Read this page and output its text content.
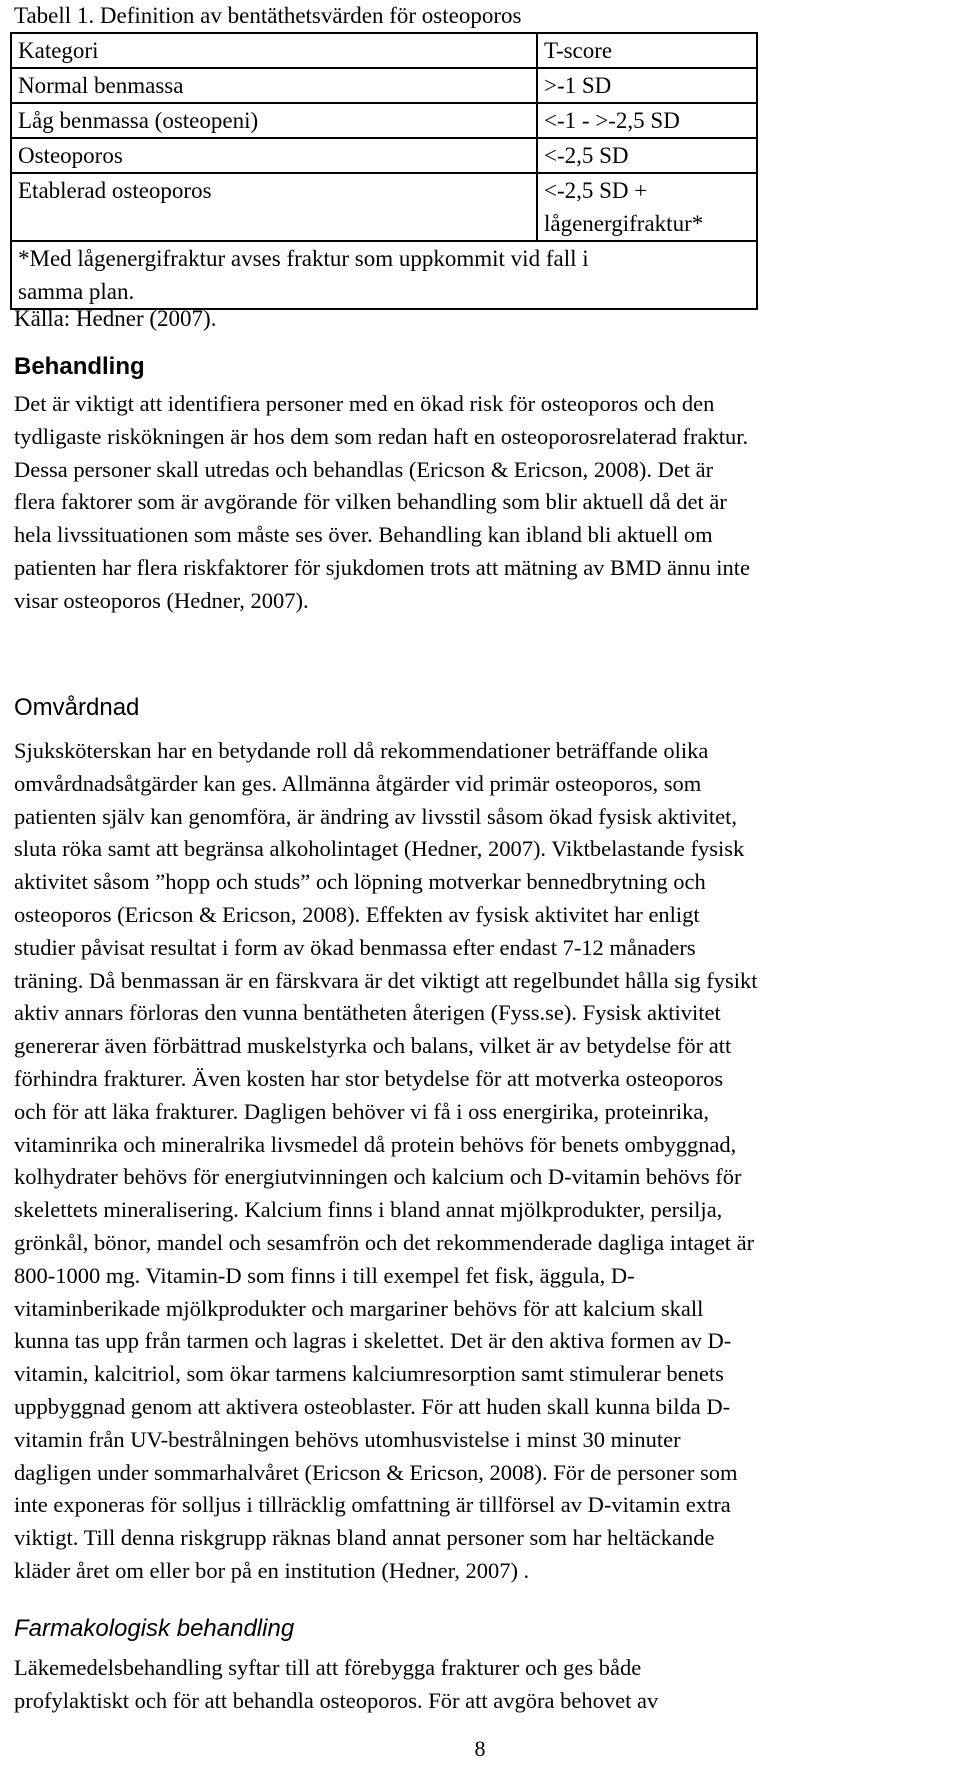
Tabell 1. Definition av bentäthetsvärden för osteoporos
Kategori	T-score
Normal benmassa	>-1 SD
Låg benmassa (osteopeni)	<-1 - >-2,5 SD
Osteoporos	<-2,5 SD
Etablerad osteoporos	<-2,5 SD +
lågenergifraktur*

*Med lågenergifraktur avses fraktur som uppkommit vid fall i
samma plan.	
Källa: Hedner (2007).
Behandling

Det är viktigt att identifiera personer med en ökad risk för osteoporos och den
tydligaste riskökningen är hos dem som redan haft en osteoporosrelaterad fraktur.
Dessa personer skall utredas och behandlas (Ericson & Ericson, 2008). Det är
flera faktorer som är avgörande för vilken behandling som blir aktuell då det är
hela livssituationen som måste ses över. Behandling kan ibland bli aktuell om
patienten har flera riskfaktorer för sjukdomen trots att mätning av BMD ännu inte
visar osteoporos (Hedner, 2007).

Omvårdnad

Sjuksköterskan har en betydande roll då rekommendationer beträffande olika
omvårdnadsåtgärder kan ges. Allmänna åtgärder vid primär osteoporos, som
patienten själv kan genomföra, är ändring av livsstil såsom ökad fysisk aktivitet,
sluta röka samt att begränsa alkoholintaget (Hedner, 2007). Viktbelastande fysisk
aktivitet såsom ”hopp och studs” och löpning motverkar bennedbrytning och
osteoporos (Ericson & Ericson, 2008). Effekten av fysisk aktivitet har enligt
studier påvisat resultat i form av ökad benmassa efter endast 7-12 månaders
träning. Då benmassan är en färskvara är det viktigt att regelbundet hålla sig fysikt
aktiv annars förloras den vunna bentätheten återigen (Fyss.se). Fysisk aktivitet
genererar även förbättrad muskelstyrka och balans, vilket är av betydelse för att
förhindra frakturer. Även kosten har stor betydelse för att motverka osteoporos
och för att läka frakturer. Dagligen behöver vi få i oss energirika, proteinrika,
vitaminrika och mineralrika livsmedel då protein behövs för benets ombyggnad,
kolhydrater behövs för energiutvinningen och kalcium och D-vitamin behövs för
skelettets mineralisering. Kalcium finns i bland annat mjölkprodukter, persilja,
grönkål, bönor, mandel och sesamfrön och det rekommenderade dagliga intaget är
800-1000 mg. Vitamin-D som finns i till exempel fet fisk, äggula, D-
vitaminberikade mjölkprodukter och margariner behövs för att kalcium skall
kunna tas upp från tarmen och lagras i skelettet. Det är den aktiva formen av D-
vitamin, kalcitriol, som ökar tarmens kalciumresorption samt stimulerar benets
uppbyggnad genom att aktivera osteoblaster. För att huden skall kunna bilda D-
vitamin från UV-bestrålningen behövs utomhusvistelse i minst 30 minuter
dagligen under sommarhalvåret (Ericson & Ericson, 2008). För de personer som
inte exponeras för solljus i tillräcklig omfattning är tillförsel av D-vitamin extra
viktigt. Till denna riskgrupp räknas bland annat personer som har heltäckande
kläder året om eller bor på en institution (Hedner, 2007) .

Farmakologisk behandling

Läkemedelsbehandling syftar till att förebygga frakturer och ges både
profylaktiskt och för att behandla osteoporos. För att avgöra behovet av

8
